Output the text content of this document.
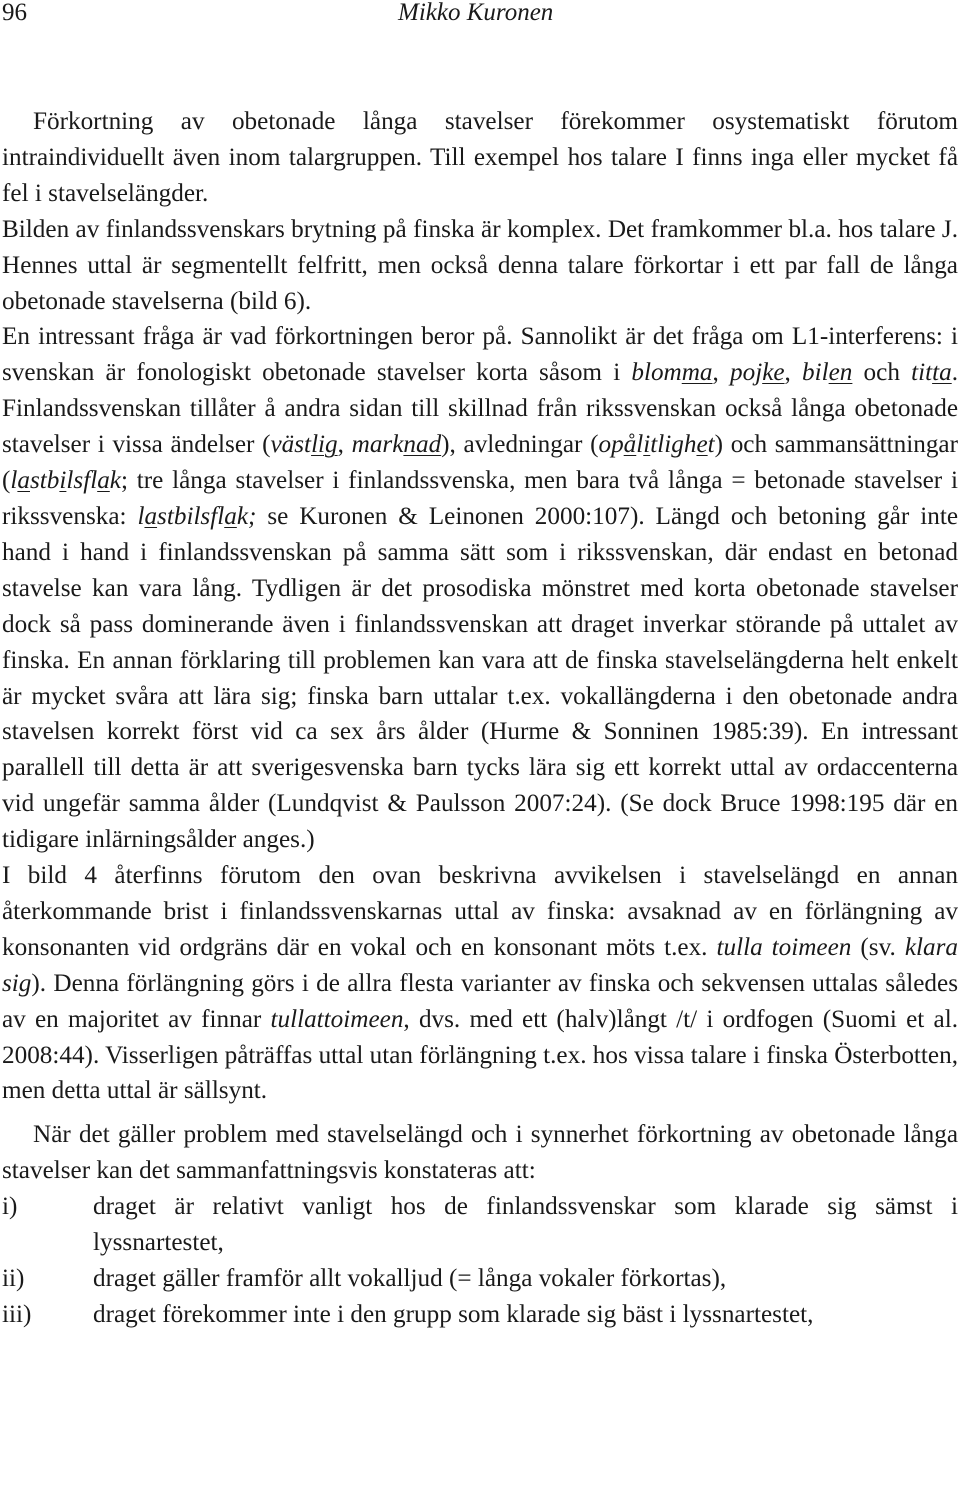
96	Mikko Kuronen
Förkortning av obetonade långa stavelser förekommer osystematiskt förutom intraindividuellt även inom talargruppen. Till exempel hos talare I finns inga eller mycket få fel i stavelselängder.
Bilden av finlandssvenskars brytning på finska är komplex. Det framkommer bl.a. hos talare J. Hennes uttal är segmentellt felfritt, men också denna talare förkortar i ett par fall de långa obetonade stavelserna (bild 6).
En intressant fråga är vad förkortningen beror på. Sannolikt är det fråga om L1-interferens: i svenskan är fonologiskt obetonade stavelser korta såsom i blomma, pojke, bilen och titta. Finlandssvenskan tillåter å andra sidan till skillnad från rikssvenskan också långa obetonade stavelser i vissa ändelser (västlig, marknad), avledningar (opålitlighet) och sammansättningar (lastbilsflak; tre långa stavelser i finlandssvenska, men bara två långa = betonade stavelser i rikssvenska: lastbilsflak; se Kuronen & Leinonen 2000:107). Längd och betoning går inte hand i hand i finlandssvenskan på samma sätt som i rikssvenskan, där endast en betonad stavelse kan vara lång. Tydligen är det prosodiska mönstret med korta obetonade stavelser dock så pass dominerande även i finlandssvenskan att draget inverkar störande på uttalet av finska. En annan förklaring till problemen kan vara att de finska stavelselängderna helt enkelt är mycket svåra att lära sig; finska barn uttalar t.ex. vokallängderna i den obetonade andra stavelsen korrekt först vid ca sex års ålder (Hurme & Sonninen 1985:39). En intressant parallell till detta är att sverigesvenska barn tycks lära sig ett korrekt uttal av ordaccenterna vid ungefär samma ålder (Lundqvist & Paulsson 2007:24). (Se dock Bruce 1998:195 där en tidigare inlärningsålder anges.)
I bild 4 återfinns förutom den ovan beskrivna avvikelsen i stavelselängd en annan återkommande brist i finlandssvenskarnas uttal av finska: avsaknad av en förlängning av konsonanten vid ordgräns där en vokal och en konsonant möts t.ex. tulla toimeen (sv. klara sig). Denna förlängning görs i de allra flesta varianter av finska och sekvensen uttalas således av en majoritet av finnar tullattoimeen, dvs. med ett (halv)långt /t/ i ordfogen (Suomi et al. 2008:44). Visserligen påträffas uttal utan förlängning t.ex. hos vissa talare i finska Österbotten, men detta uttal är sällsynt.

När det gäller problem med stavelselängd och i synnerhet förkortning av obetonade långa stavelser kan det sammanfattningsvis konstateras att:

i)	draget är relativt vanligt hos de finlandssvenskar som klarade sig sämst i lyssnartestet,
ii)	draget gäller framför allt vokalljud (= långa vokaler förkortas),
iii)	draget förekommer inte i den grupp som klarade sig bäst i lyssnartestet,
